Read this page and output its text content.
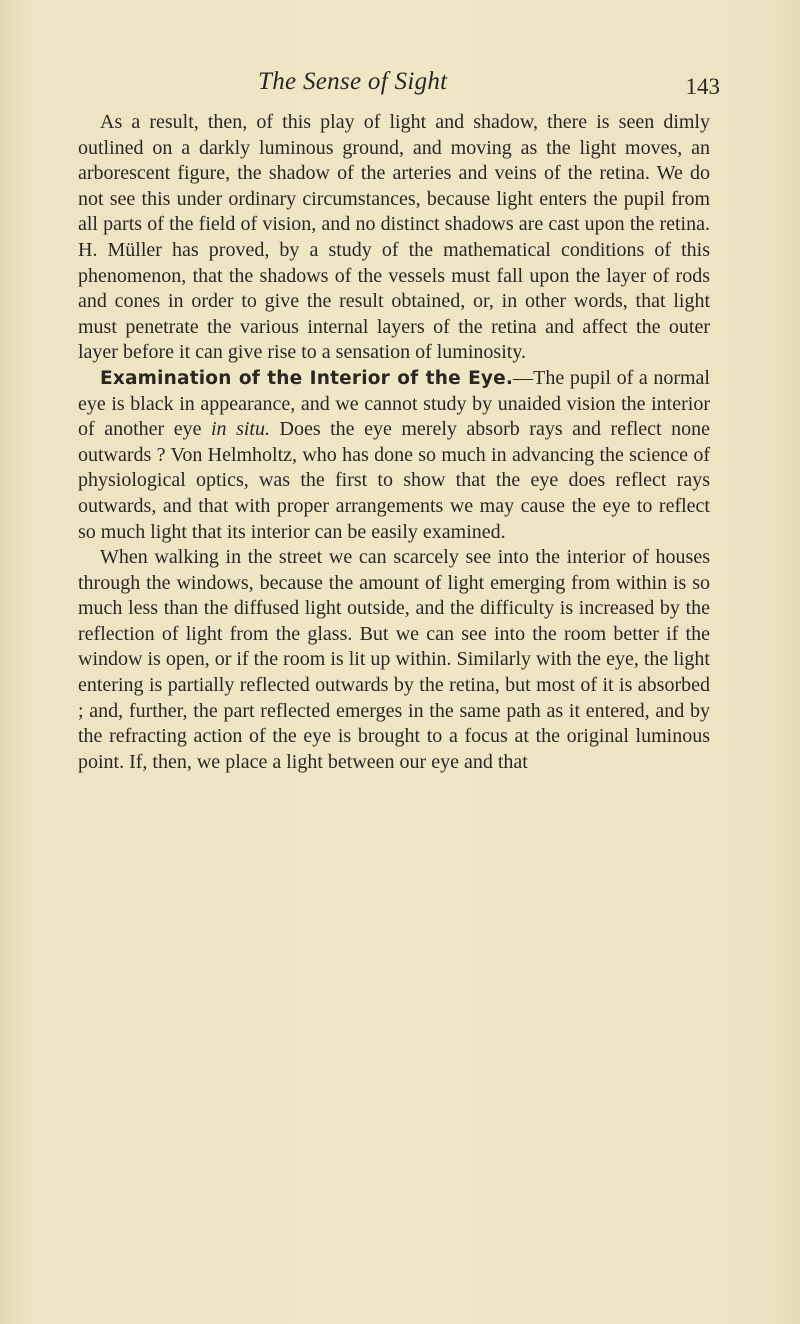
The Sense of Sight	143

As a result, then, of this play of light and shadow, there is seen dimly outlined on a darkly luminous ground, and moving as the light moves, an arborescent figure, the shadow of the arteries and veins of the retina. We do not see this under ordinary circumstances, because light enters the pupil from all parts of the field of vision, and no distinct shadows are cast upon the retina. H. Müller has proved, by a study of the mathematical conditions of this phenomenon, that the shadows of the vessels must fall upon the layer of rods and cones in order to give the result obtained, or, in other words, that light must penetrate the various internal layers of the retina and affect the outer layer before it can give rise to a sensation of luminosity.

Examination of the Interior of the Eye.—The pupil of a normal eye is black in appearance, and we cannot study by unaided vision the interior of another eye in situ. Does the eye merely absorb rays and reflect none outwards ? Von Helmholtz, who has done so much in advancing the science of physiological optics, was the first to show that the eye does reflect rays outwards, and that with proper arrangements we may cause the eye to reflect so much light that its interior can be easily examined.

When walking in the street we can scarcely see into the interior of houses through the windows, because the amount of light emerging from within is so much less than the diffused light outside, and the difficulty is increased by the reflection of light from the glass. But we can see into the room better if the window is open, or if the room is lit up within. Similarly with the eye, the light entering is partially reflected outwards by the retina, but most of it is absorbed ; and, further, the part reflected emerges in the same path as it entered, and by the refracting action of the eye is brought to a focus at the original luminous point. If, then, we place a light between our eye and that
